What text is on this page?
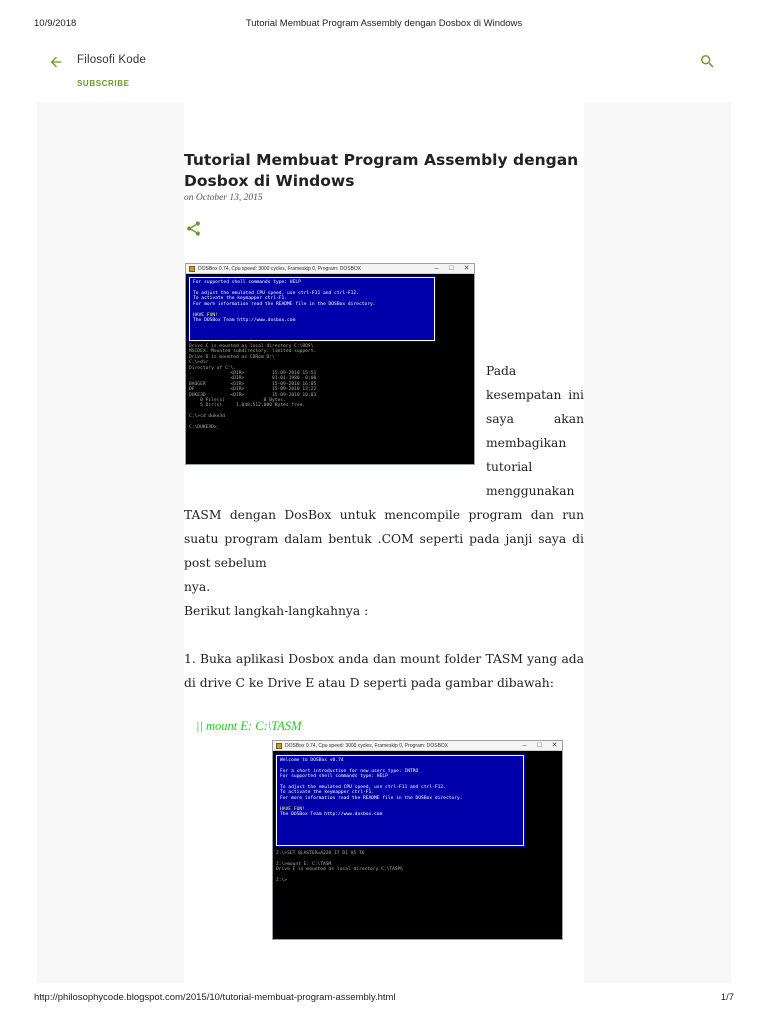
10/9/2018	Tutorial Membuat Program Assembly dengan Dosbox di Windows
Filosofi Kode
SUBSCRIBE
Tutorial Membuat Program Assembly dengan Dosbox di Windows
on October 13, 2015
DOSBox 0.74, Cpu speed: 3000 cycles, Frameskip 0, Program: DOSBOX	–	□	✕
For supported shell commands type: HELP
To adjust the emulated CPU speed, use ctrl-F11 and ctrl-F12.
To activate the keymapper ctrl-F1.
For more information read the README file in the DOSBox directory.
HAVE FUN!
The DOSBox Team http://www.dosbox.com
Drive C is mounted as local directory C:\BOS\
MSCDEX: Mounted subdirectory: limited support.
Drive D is mounted as CDRom D:\
C:\>dir
Directory of C:\.
.              <DIR>          15-09-2010 15:51
..             <DIR>          01-01-1980  0:00
BAGGER         <DIR>          15-09-2010 16:05
DF             <DIR>          15-09-2010 13:22
DUKE3D         <DIR>          15-09-2010 10:03
0 File(s)              0 Bytes.
5 Dir(s)     1,048,512,000 Bytes free.
C:\>cd duke3d
C:\DUKE3D>_
Pada
kesempatan ini
saya akan
membagikan
tutorial
menggunakan

TASM dengan DosBox untuk mencompile program dan run suatu program dalam bentuk .COM seperti pada janji saya di post sebelum
nya.

Berikut langkah-langkahnya :

1. Buka aplikasi Dosbox anda dan mount folder TASM yang ada di drive C ke Drive E atau D seperti pada gambar dibawah:

|| mount E: C:\TASM
DOSBox 0.74, Cpu speed: 3000 cycles, Frameskip 0, Program: DOSBOX	–	□	✕
Welcome to DOSBox v0.74
For a short introduction for new users type: INTRO
For supported shell commands type: HELP
To adjust the emulated CPU speed, use ctrl-F11 and ctrl-F12.
To activate the keymapper ctrl-F1.
For more information read the README file in the DOSBox directory.
HAVE FUN!
The DOSBox Team http://www.dosbox.com
Z:\>SET BLASTER=A220 I7 D1 H5 T6
Z:\>mount E: C:\TASM
Drive E is mounted as local directory C:\TASM\
Z:\>
http://philosophycode.blogspot.com/2015/10/tutorial-membuat-program-assembly.html	1/7
